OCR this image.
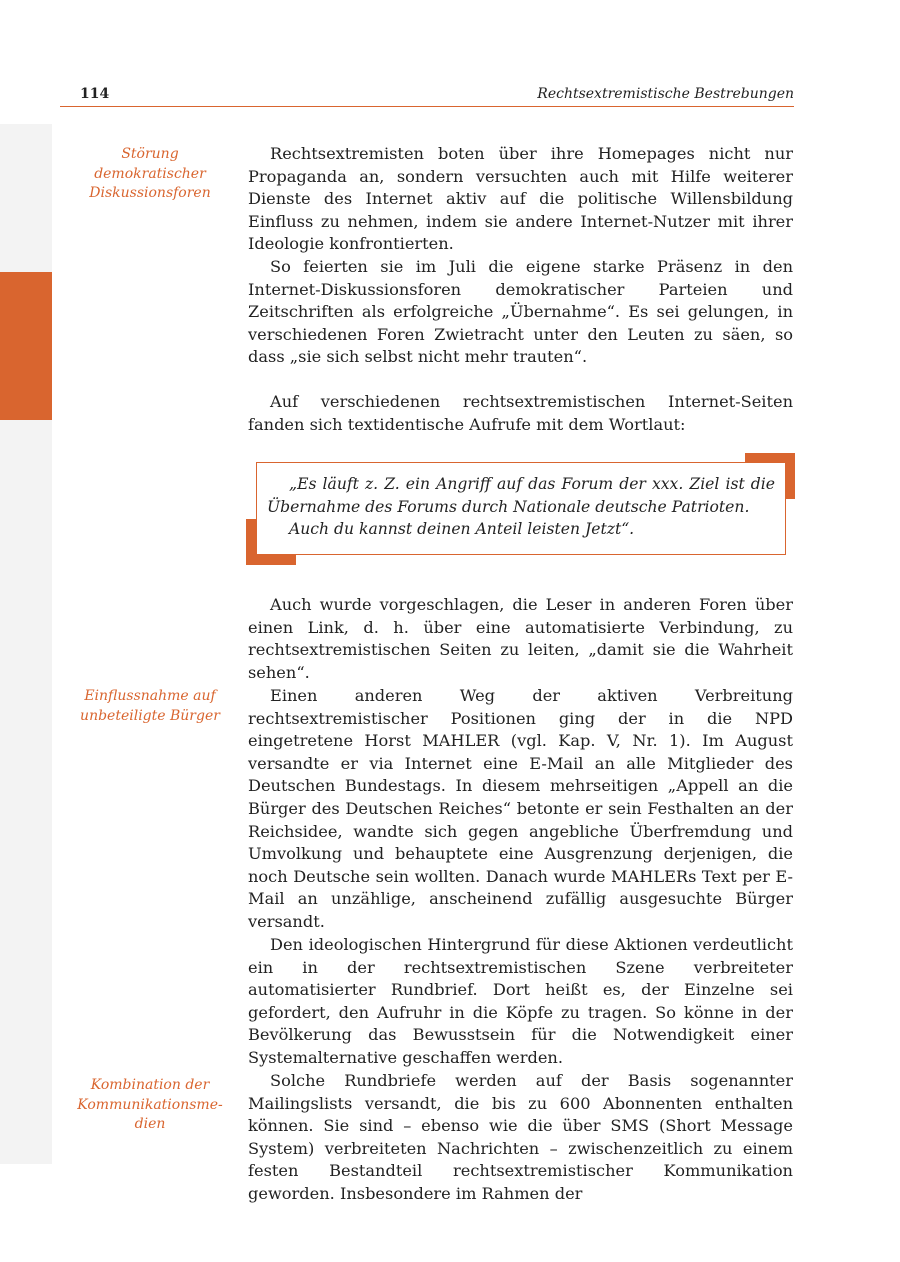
114	Rechtsextremistische Bestrebungen
Störung demokratischer Diskussionsforen
Einflussnahme auf unbeteiligte Bürger
Kombination der Kommunikationsme-dien

Rechtsextremisten boten über ihre Homepages nicht nur Propaganda an, sondern versuchten auch mit Hilfe weiterer Dienste des Internet aktiv auf die politische Willensbildung Einfluss zu nehmen, indem sie andere Internet-Nutzer mit ihrer Ideologie konfrontierten.

So feierten sie im Juli die eigene starke Präsenz in den Internet-Diskussionsforen demokratischer Parteien und Zeitschriften als erfolgreiche „Übernahme“. Es sei gelungen, in verschiedenen Foren Zwietracht unter den Leuten zu säen, so dass „sie sich selbst nicht mehr trauten“.

Auf verschiedenen rechtsextremistischen Internet-Seiten fanden sich textidentische Aufrufe mit dem Wortlaut:

„Es läuft z. Z. ein Angriff auf das Forum der xxx. Ziel ist die Übernahme des Forums durch Nationale deutsche Patrioten.

Auch du kannst deinen Anteil leisten Jetzt“.

Auch wurde vorgeschlagen, die Leser in anderen Foren über einen Link, d. h. über eine automatisierte Verbindung, zu rechtsextremistischen Seiten zu leiten, „damit sie die Wahrheit sehen“.

Einen anderen Weg der aktiven Verbreitung rechtsextremistischer Positionen ging der in die NPD eingetretene Horst MAHLER (vgl. Kap. V, Nr. 1). Im August versandte er via Internet eine E-Mail an alle Mitglieder des Deutschen Bundestags. In diesem mehrseitigen „Appell an die Bürger des Deutschen Reiches“ betonte er sein Festhalten an der Reichsidee, wandte sich gegen angebliche Überfremdung und Umvolkung und behauptete eine Ausgrenzung derjenigen, die noch Deutsche sein wollten. Danach wurde MAHLERs Text per E-Mail an unzählige, anscheinend zufällig ausgesuchte Bürger versandt.

Den ideologischen Hintergrund für diese Aktionen verdeutlicht ein in der rechtsextremistischen Szene verbreiteter automatisierter Rundbrief. Dort heißt es, der Einzelne sei gefordert, den Aufruhr in die Köpfe zu tragen. So könne in der Bevölkerung das Bewusstsein für die Notwendigkeit einer Systemalternative geschaffen werden.

Solche Rundbriefe werden auf der Basis sogenannter Mailingslists versandt, die bis zu 600 Abonnenten enthalten können. Sie sind – ebenso wie die über SMS (Short Message System) verbreiteten Nachrichten – zwischenzeitlich zu einem festen Bestandteil rechtsextremistischer Kommunikation geworden. Insbesondere im Rahmen der
